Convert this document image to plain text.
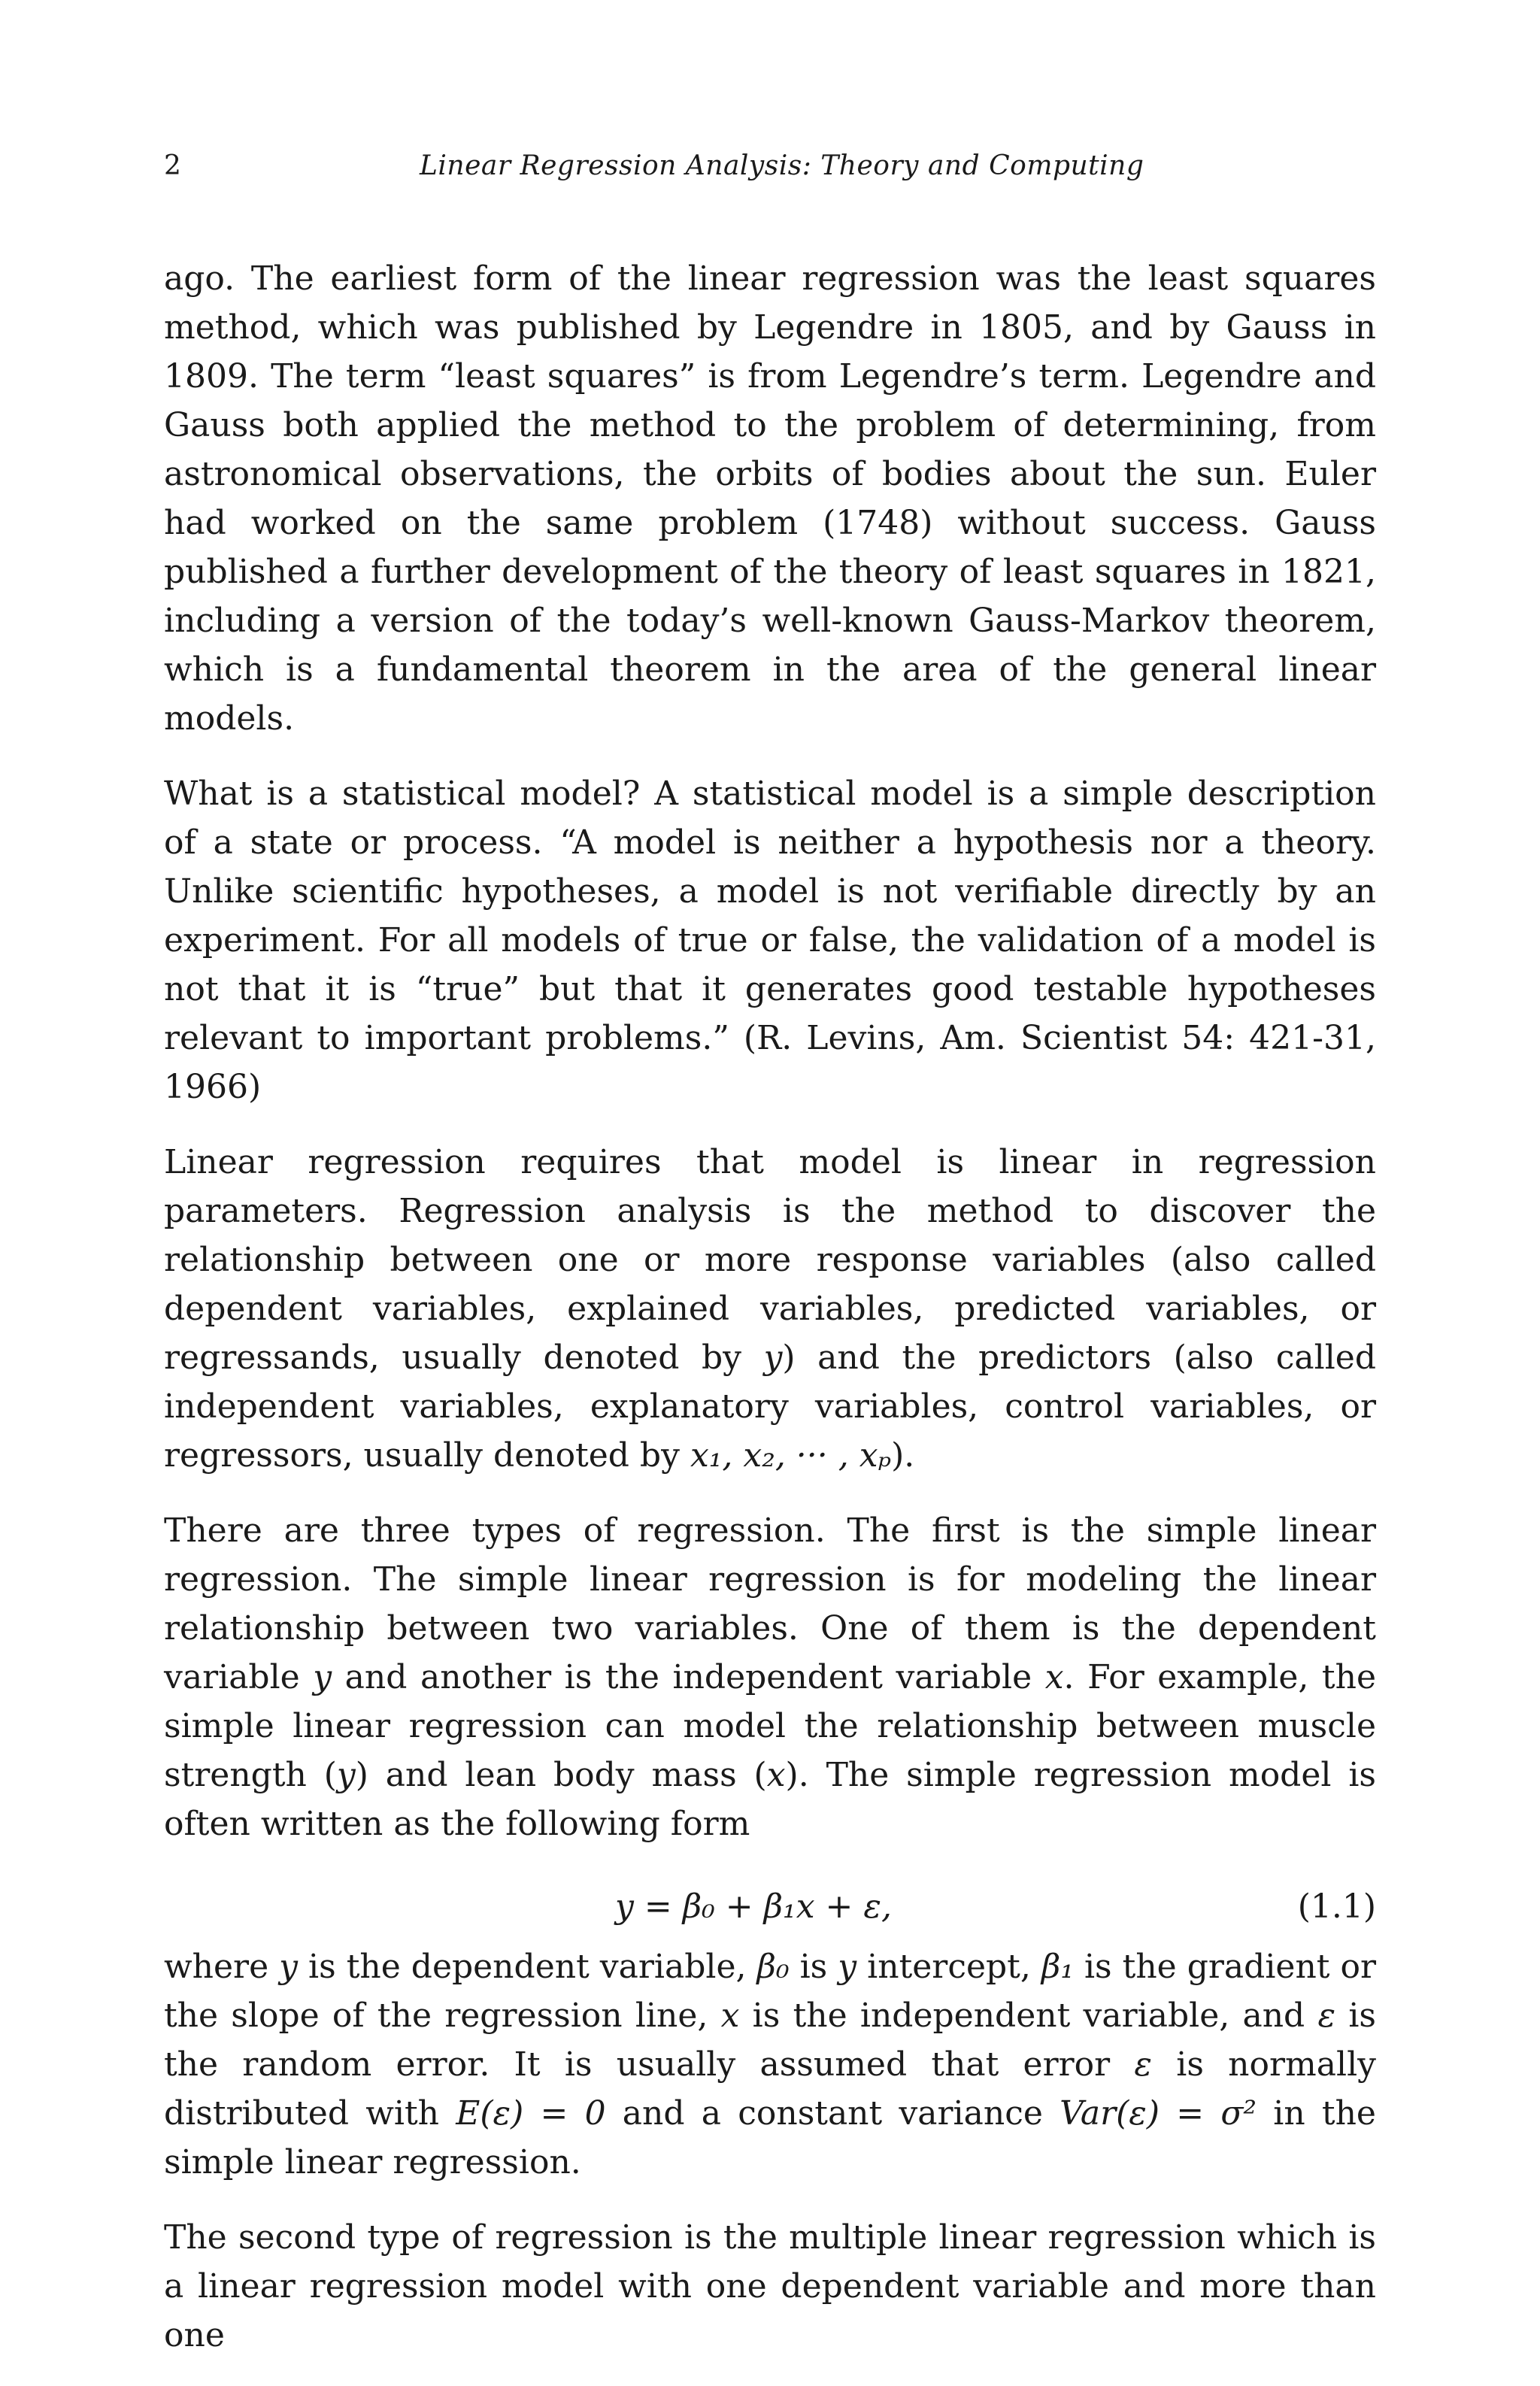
2	Linear Regression Analysis: Theory and Computing

ago. The earliest form of the linear regression was the least squares method, which was published by Legendre in 1805, and by Gauss in 1809. The term “least squares” is from Legendre’s term. Legendre and Gauss both applied the method to the problem of determining, from astronomical observations, the orbits of bodies about the sun. Euler had worked on the same problem (1748) without success. Gauss published a further development of the theory of least squares in 1821, including a version of the today’s well-known Gauss-Markov theorem, which is a fundamental theorem in the area of the general linear models.

What is a statistical model? A statistical model is a simple description of a state or process. “A model is neither a hypothesis nor a theory. Unlike scientific hypotheses, a model is not verifiable directly by an experiment. For all models of true or false, the validation of a model is not that it is “true” but that it generates good testable hypotheses relevant to important problems.” (R. Levins, Am. Scientist 54: 421-31, 1966)

Linear regression requires that model is linear in regression parameters. Regression analysis is the method to discover the relationship between one or more response variables (also called dependent variables, explained variables, predicted variables, or regressands, usually denoted by y) and the predictors (also called independent variables, explanatory variables, control variables, or regressors, usually denoted by x₁, x₂, ··· , xₚ).

There are three types of regression. The first is the simple linear regression. The simple linear regression is for modeling the linear relationship between two variables. One of them is the dependent variable y and another is the independent variable x. For example, the simple linear regression can model the relationship between muscle strength (y) and lean body mass (x). The simple regression model is often written as the following form

y = β₀ + β₁x + ε,	(1.1)

where y is the dependent variable, β₀ is y intercept, β₁ is the gradient or the slope of the regression line, x is the independent variable, and ε is the random error. It is usually assumed that error ε is normally distributed with E(ε) = 0 and a constant variance Var(ε) = σ² in the simple linear regression.

The second type of regression is the multiple linear regression which is a linear regression model with one dependent variable and more than one
